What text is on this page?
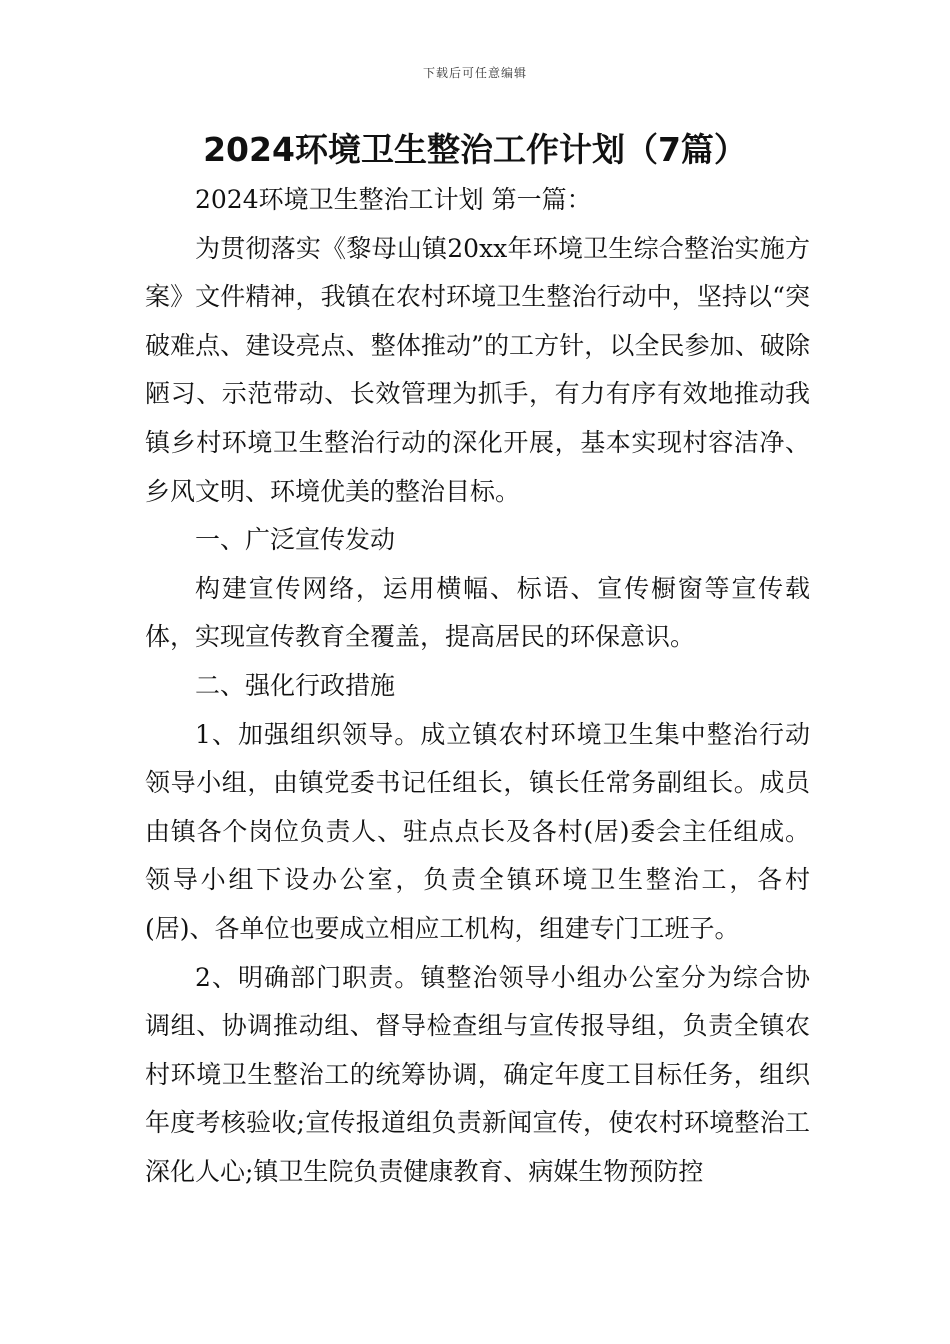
下载后可任意编辑
2024环境卫生整治工作计划（7篇）

2024环境卫生整治工计划 第一篇：

为贯彻落实《黎母山镇20xx年环境卫生综合整治实施方案》文件精神，我镇在农村环境卫生整治行动中，坚持以“突破难点、建设亮点、整体推动”的工方针，以全民参加、破除陋习、示范带动、长效管理为抓手，有力有序有效地推动我镇乡村环境卫生整治行动的深化开展，基本实现村容洁净、乡风文明、环境优美的整治目标。

一、广泛宣传发动

构建宣传网络，运用横幅、标语、宣传橱窗等宣传载体，实现宣传教育全覆盖，提高居民的环保意识。

二、强化行政措施

1、加强组织领导。成立镇农村环境卫生集中整治行动领导小组，由镇党委书记任组长，镇长任常务副组长。成员由镇各个岗位负责人、驻点点长及各村(居)委会主任组成。领导小组下设办公室，负责全镇环境卫生整治工，各村(居)、各单位也要成立相应工机构，组建专门工班子。

2、明确部门职责。镇整治领导小组办公室分为综合协调组、协调推动组、督导检查组与宣传报导组，负责全镇农村环境卫生整治工的统筹协调，确定年度工目标任务，组织年度考核验收;宣传报道组负责新闻宣传，使农村环境整治工深化人心;镇卫生院负责健康教育、病媒生物预防控
